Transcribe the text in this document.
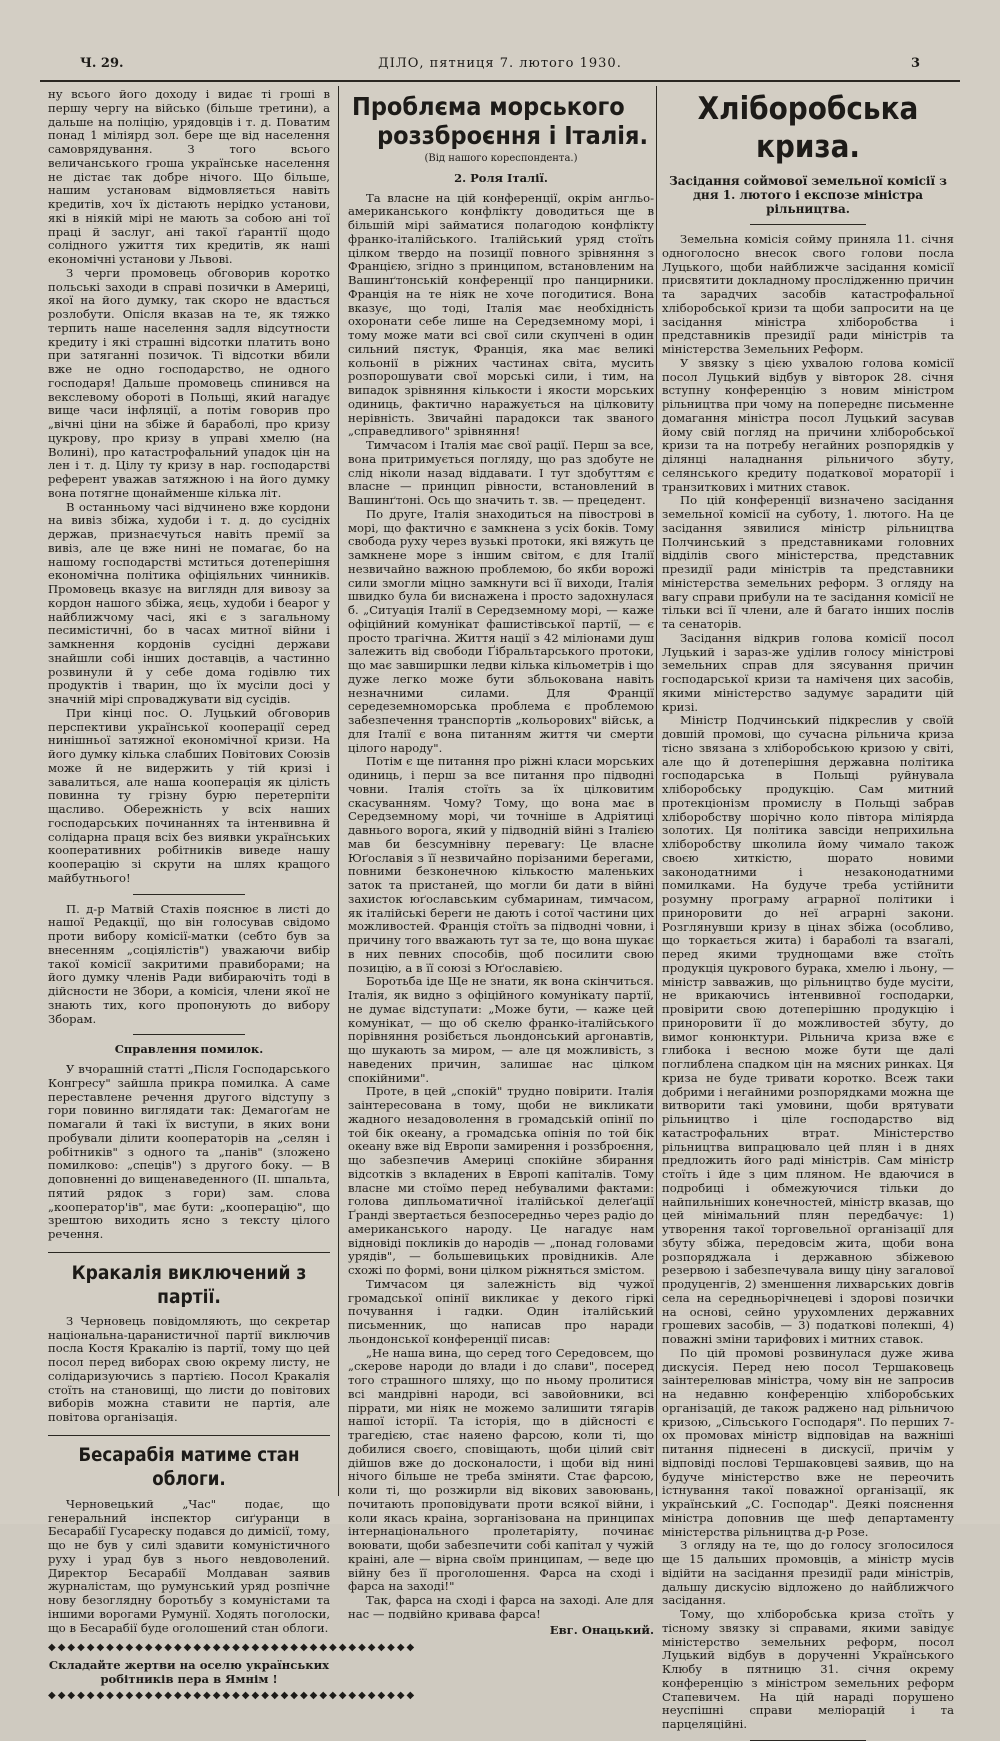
Ч. 29.	ДІЛО, пятниця 7. лютого 1930.	3

ну всього його доходу і видає ті гроші в першу чергу на військо (більше третини), а дальше на поліцію, урядовців і т. д. Поватим понад 1 міліярд зол. бере ще від населення самоврядування. З того всього величанського гроша українське населення не дістає так добре нічого. Що більше, нашим установам відмовляється навіть кредитів, хоч їх дістають нерідко установи, які в ніякій мірі не мають за собою ані тої праці й заслуг, ані такої ґарантії щодо солідного ужиття тих кредитів, як наші економічні установи у Львові.

З черги промовець обговорив коротко польські заходи в справі позички в Америці, якої на його думку, так скоро не вдасться розлобути. Опісля вказав на те, як тяжко терпить наше населення задля відсутности кредиту і які страшні відсотки платить воно при затяганні позичок. Ті відсотки вбили вже не одно господарство, не одного господаря! Дальше промовець спинився на векслевому обороті в Польщі, який нагадує вище часи інфляції, а потім говорив про „вічні ціни на збіже й бараболі, про кризу цукрову, про кризу в управі хмелю (на Волині), про катастрофальний упадок цін на лен і т. д. Цілу ту кризу в нар. господарстві референт уважав затяжною і на його думку вона потягне щонайменше кілька літ.

В останньому часі відчинено вже кордони на вивіз збіжа, худоби і т. д. до сусідніх держав, признаєчуться навіть премії за вивіз, але це вже нині не помагає, бо на нашому господарстві мститься дотеперішня економічна політика офіціяльних чинників. Промовець вказує на виглядн для вивозу за кордон нашого збіжа, яєць, худоби і беарог у найближчому часі, які є з загальному песимістичні, бо в часах митної війни і замкнення кордонів сусідні держави знайшли собі інших доставців, а частинно розвинули й у себе дома годівлю тих продуктів і тварин, що їх мусіли досі у значній мірі спроваджувати від сусідів.

При кінці пос. О. Луцький обговорив перспективи української кооперації серед нинішньої затяжної економічної кризи. На його думку кілька слабших Повітових Союзів може й не видержить у тій кризі і завалиться, але наша кооперація як цілість повинна ту грізну бурю перетерпіти щасливо. Обережність у всіх наших господарських починаннях та інтенвивна й солідарна праця всіх без виявки українських кооперативних робітників виведе нашу кооперацію зі скрути на шлях кращого майбутнього!

П. д-р Матвій Стахів пояснює в листі до нашої Редакції, що він голосував свідомо проти вибору комісії-матки (себто був за внесенням „соціялістів") уважаючи вибір такої комісії закритими правиборами; на його думку членів Ради вибираючіть тоді в дійсности не Збори, а комісія, члени якої не знають тих, кого пропонують до вибору Зборам.

Справлення помилок.

У вчорашній статті „Після Господарського Конгресу" зайшла прикра помилка. А саме переставлене речення другого відступу з гори повинно виглядати так: Демагоґам не помагали й такі їх виступи, в яких вони пробували ділити кооператорів на „селян і робітників" з одного та „панів" (зложено помилково: „спеців") з другого боку. — В доповненні до вищенаведенного (ІІ. шпальта, пятий рядок з гори) зам. слова „кооператор'ів", має бути: „кооперацію", що зрештою виходить ясно з тексту цілого речення.

Кракалія виключений з партії.

З Черновець повідомляють, що секретар національна-царанистичної партії виключив посла Костя Кракалію із партії, тому що цей посол перед виборах свою окрему листу, не солідаризуючись з партією. Посол Кракалія стоїть на становищі, що листи до повітових виборів можна ставити не партія, але повітова організація.

Бесарабія матиме стан облоги.

Черновецький „Час" подає, що генеральний інспектор сиґуранци в Бесарабії Гусареску подався до димісії, тому, що не був у силі здавити комуністичного руху і урад був з нього невдоволений. Директор Бесарабії Молдаван заявив журналістам, що румунський уряд розпічне нову безоглядну боротьбу з комуністами та іншими ворогами Румунії. Ходять поголоски, що в Бесарабії буде оголошений стан облоги.

◆◆◆◆◆◆◆◆◆◆◆◆◆◆◆◆◆◆◆◆◆◆◆◆◆◆◆◆◆◆◆◆◆◆◆◆◆◆
Складайте жертви на оселю українських робітників пера в Ямнім !
◆◆◆◆◆◆◆◆◆◆◆◆◆◆◆◆◆◆◆◆◆◆◆◆◆◆◆◆◆◆◆◆◆◆◆◆◆◆
Проблєма морського
роззброєння і Італія.
(Від нашого кореспондента.)
2. Роля Італії.

Та власне на цій конференції, окрім англьо-американського конфлікту доводиться ще в більшій мірі займатися полагодою конфлікту франко-італійського. Італійський уряд стоїть цілком твердо на позиції повного зрівняння з Францією, згідно з принципом, встановленим на Вашинґтонській конференції про панцирники. Франція на те ніяк не хоче погодитися. Вона вказує, що тоді, Італія має необхідність охоронати себе лише на Середземному морі, і тому може мати всі свої сили скупчені в один сильний пястук, Франція, яка має великі кольонії в ріжних частинах світа, мусить розпорошувати свої морські сили, і тим, на випадок зрівняння кількости і якости морських одиниць, фактично наражується на цілковиту нерівність. Звичайні парадокси так званого „справедливого" зрівняння!

Тимчасом і Італія має свої рації. Перш за все, вона притримується погляду, що раз здобуте не слід ніколи назад віддавати. І тут здобуттям є власне — принцип рівности, встановлений в Вашинґтоні. Ось що значить т. зв. — прецедент.

По друге, Італія знаходиться на півострові в морі, що фактично є замкнена з усіх боків. Тому свобода руху через вузькі протоки, які вяжуть це замкнене море з іншим світом, є для Італії незвичайно важною проблемою, бо якби ворожі сили змогли міцно замкнути всі її виходи, Італія швидко була би виснажена і просто задохнулася б. „Ситуація Італії в Середземному морі, — каже офіційний комунікат фашистівської партії, — є просто трагічна. Життя нації з 42 міліонами душ залежить від свободи Ґібральтарського протоки, що має завширшки ледви кілька кільометрів і що дуже легко може бути збльокована навіть незначними силами. Для Франції середеземноморська проблема є проблемою забезпечення транспортів „кольорових" військ, а для Італії є вона питанням життя чи смерти цілого народу".

Потім є ще питання про ріжні класи морських одиниць, і перш за все питання про підводні човни. Італія стоїть за їх цілковитим скасуванням. Чому? Тому, що вона має в Середземному морі, чи точніше в Адріятиці давнього ворога, який у підводній війні з Італією мав би безсумнівну перевагу: Це власне Юґославія з її незвичайно порізаними берегами, повними безконечною кількостю маленьких заток та пристаней, що могли би дати в війні захисток юґославським субмаринам, тимчасом, як італійські береги не дають і сотої частини цих можливостей. Франція стоїть за підводні човни, і причину того вважають тут за те, що вона шукає в них певних способів, щоб посилити свою позицію, а в її союзі з Юґославією.

Боротьба іде Ще не знати, як вона скінчиться. Італія, як видно з офіційного комунікату партії, не думає відступати: „Може бути, — каже цей комунікат, — що об скелю франко-італійського порівняння розібється льондонський аргонавтів, що шукають за миром, — але ця можливість, з наведених причин, залишає нас цілком спокійними".

Проте, в цей „спокій" трудно повірити. Італія заінтересована в тому, щоби не викликати жадного незадоволення в громадській опінії по той бік океану, а громадська опінія по той бік океану вже від Европи замирення і роззброєння, що забезпечив Америці спокійне збирання відсотків з вкладених в Европі капіталів. Тому власне ми стоїмо перед небувалими фактами: голова дипльоматичної італійської делеґації Ґранді звертається безпосередньо через радіо до американського народу. Це нагадує нам відновіді покликів до народів — „понад головами урядів", — большевицьких провідників. Але схожі по формі, вони цілком ріжняться змістом.

Тимчасом ця залежність від чужої громадської опінії викликає у декого гіркі почування і гадки. Один італійський письменник, що написав про наради льондонської конференції писав:

„Не наша вина, що серед того Середовсем, що „скерове народи до влади і до слави", посеред того страшного шляху, що по ньому пролитися всі мандрівні народи, всі завойовники, всі піррати, ми ніяк не можемо залишити тягарів нашої історії. Та історія, що в дійсності є трагедією, стає наяено фарсою, коли ті, що добилися своєго, сповіщають, щоби цілий світ дійшов вже до досконалости, і щоби від нині нічого більше не треба зміняти. Стає фарсою, коли ті, що розжирли від вікових завоювань, почитають проповідувати проти всякої війни, і коли якась краіна, зорганізована на принципах інтернаціонального пролетаріяту, починає воювати, щоби забезпечити собі капітал у чужій краіні, але — вірна своїм принципам, — веде цю війну без її проголошення. Фарса на сході і фарса на заході!"

Так, фарса на сході і фарса на заході. Але для нас — подвійно кривава фарса!

Евг. Онацький.
Хліборобська криза.
Засідання соймової земельної комісії з дня 1. лютого і експозе міністра рільництва.

Земельна комісія сойму приняла 11. січня одноголосно внесок свого голови посла Луцького, щоби найближче засідання комісії присвятити докладному прослідженню причин та зарадчих засобів катастрофальної хліборобської кризи та щоби запросити на це засідання міністра хліборобства і представників президії ради міністрів та міністерства Земельних Реформ.

У звязку з цією ухвалою голова комісії посол Луцький відбув у вівторок 28. січня вступну конференцію з новим міністром рільництва при чому на попереднє письменне домагання міністра посол Луцький засував йому свій погляд на причини хліборобської кризи та на потребу негайних розпорядків у ділянці наладнання рільничого збуту, селянського кредиту податкової мораторії і транзиткових і митних ставок.

По цій конференції визначено засідання земельної комісії на суботу, 1. лютого. На це засідання зявилися міністр рільництва Полчинський з представниками головних відділів свого міністерства, представник президії ради міністрів та представники міністерства земельних реформ. З огляду на вагу справи прибули на те засідання комісії не тільки всі її члени, але й багато інших послів та сенаторів.

Засідання відкрив голова комісії посол Луцький і зараз-же уділив голосу міністрові земельних справ для зясування причин господарської кризи та наміченя цих засобів, якими міністерство задумує зарадити цій кризі.

Міністр Подчинський підкреслив у своїй довшій промові, що сучасна рільнича криза тісно звязана з хліборобською кризою у світі, але що й дотеперішня державна політика господарська в Польщі руйнувала хліборобську продукцію. Сам митний протекціонізм промислу в Польщі забрав хліборобству шорічно коло півтора міліярда золотих. Ця політика завсіди неприхильна хліборобству школила йому чимало також своєю хиткістю, шорато новими законодатними і незаконодатними помилками. На будуче треба устійнити розумну програму аграрної політики і приноровити до неї аграрні закони. Розглянувши кризу в цінах збіжа (особливо, що торкається жита) і бараболі та взагалі, перед якими труднощами вже стоїть продукція цукрового бурака, хмелю і льону, — міністр завважив, що рільництво буде мусіти, не врикаючись інтенвивної господарки, провірити свою дотеперішню продукцію і приноровити її до можливостей збуту, до вимог конюнктури. Рільнича криза вже є глибока і весною може бути ще далі поглиблена спадком цін на мясних ринках. Ця криза не буде тривати коротко. Всеж таки добрими і негайними розпорядками можна ще витворити такі умовини, щоби врятувати рільництво і ціле господарство від катастрофальних втрат. Міністерство рільництва випрацювало цей плян і в днях предложить його раді міністрів. Сам міністр стоїть і йде з цим пляном. Не вдаючися в подробиці і обмежуючися тільки до найпильніших конечностей, міністр вказав, що цей мінімальний плян передбачує: 1) утворення такої торговельної організації для збуту збіжа, передовсім жита, щоби вона розпоряджала і державною збіжевою резервою і забезпечувала вищу ціну загалової продуценгів, 2) зменшення лихварських довгів села на середньорічнецеві і здорові позички на основі, сейно урухомлених державних грошевих засобів, — 3) податкові полекші, 4) поважні зміни тарифових і митних ставок.

По цій промові розвинулася дуже жива дискусія. Перед нею посол Тершаковець заінтерелював міністра, чому він не запросив на недавню конференцію хліборобських організацій, де також раджено над рільничою кризою, „Сільського Господаря". По перших 7-ох промовах міністр відповідав на важніші питання піднесені в дискусії, причім у відповіді послові Тершаковцеві заявив, що на будуче міністерство вже не переочить істнування такої поважної організації, як український „С. Господар". Деякі пояснення міністра доповнив ще шеф департаменту міністерства рільництва д-р Розе.

З огляду на те, що до голосу зголосилося ще 15 дальших промовців, а міністр мусів відійти на засідання президії ради міністрів, дальшу дискусію відложено до найближчого засідання.

Тому, що хліборобська криза стоїть у тісному звязку зі справами, якими завідує міністерство земельних реформ, посол Луцький відбув в дорученні Українського Клюбу в пятницю 31. січня окрему конференцію з міністром земельних реформ Стапевичем. На цій нараді порушено неуспішні справи меліорацій і та парцеляційні.
